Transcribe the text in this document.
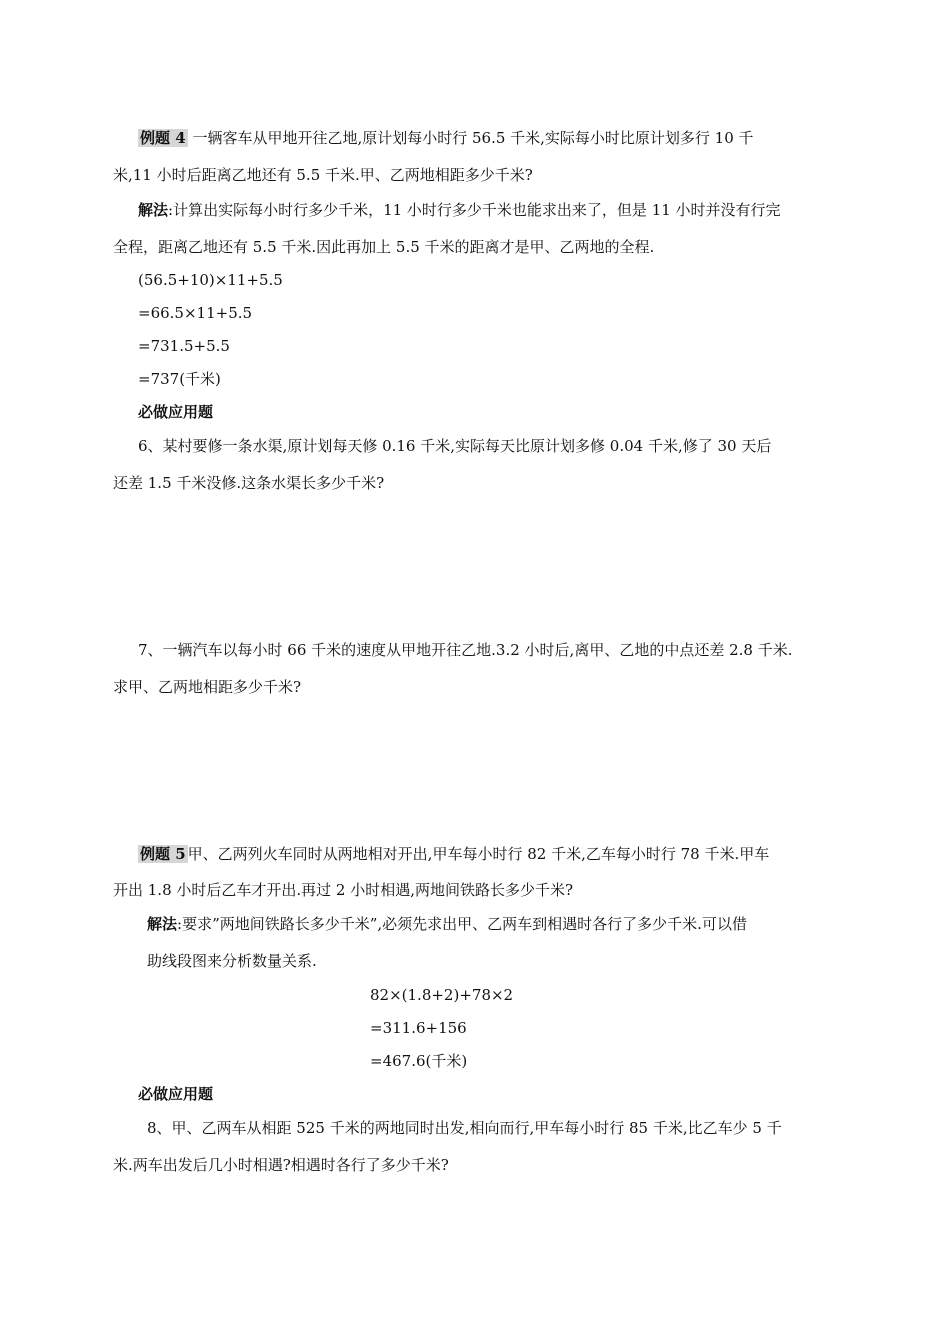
例题 4 一辆客车从甲地开往乙地,原计划每小时行 56.5 千米,实际每小时比原计划多行 10 千
米,11 小时后距离乙地还有 5.5 千米.甲、乙两地相距多少千米?
解法:计算出实际每小时行多少千米，11 小时行多少千米也能求出来了，但是 11 小时并没有行完
全程，距离乙地还有 5.5 千米.因此再加上 5.5 千米的距离才是甲、乙两地的全程.
(56.5+10)×11+5.5
=66.5×11+5.5
=731.5+5.5
=737(千米)
必做应用题
6、某村要修一条水渠,原计划每天修 0.16 千米,实际每天比原计划多修 0.04 千米,修了 30 天后
还差 1.5 千米没修.这条水渠长多少千米?
7、一辆汽车以每小时 66 千米的速度从甲地开往乙地.3.2 小时后,离甲、乙地的中点还差 2.8 千米.
求甲、乙两地相距多少千米?
例题 5 甲、乙两列火车同时从两地相对开出,甲车每小时行 82 千米,乙车每小时行 78 千米.甲车
开出 1.8 小时后乙车才开出.再过 2 小时相遇,两地间铁路长多少千米?
解法:要求”两地间铁路长多少千米”,必须先求出甲、乙两车到相遇时各行了多少千米.可以借
助线段图来分析数量关系.
82×(1.8+2)+78×2
=311.6+156
=467.6(千米)
必做应用题
8、甲、乙两车从相距 525 千米的两地同时出发,相向而行,甲车每小时行 85 千米,比乙车少 5 千
米.两车出发后几小时相遇?相遇时各行了多少千米?
